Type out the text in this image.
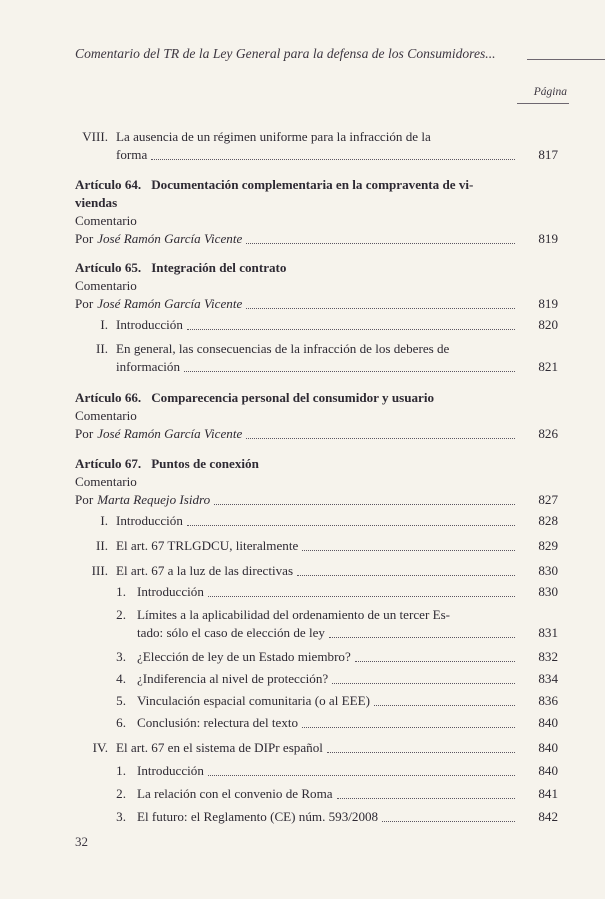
Comentario del TR de la Ley General para la defensa de los Consumidores...
Página
VIII. La ausencia de un régimen uniforme para la infracción de la
forma	817
Artículo 64. Documentación complementaria en la compraventa de vi-
viendas
Comentario
Por José Ramón García Vicente	819
Artículo 65. Integración del contrato
Comentario
Por José Ramón García Vicente	819
I. Introducción	820
II. En general, las consecuencias de la infracción de los deberes de
información	821
Artículo 66. Comparecencia personal del consumidor y usuario
Comentario
Por José Ramón García Vicente	826
Artículo 67. Puntos de conexión
Comentario
Por Marta Requejo Isidro	827
I. Introducción	828
II. El art. 67 TRLGDCU, literalmente	829
III. El art. 67 a la luz de las directivas	830
1. Introducción	830
2. Límites a la aplicabilidad del ordenamiento de un tercer Es-
tado: sólo el caso de elección de ley	831
3. ¿Elección de ley de un Estado miembro?	832
4. ¿Indiferencia al nivel de protección?	834
5. Vinculación espacial comunitaria (o al EEE)	836
6. Conclusión: relectura del texto	840
IV. El art. 67 en el sistema de DIPr español	840
1. Introducción	840
2. La relación con el convenio de Roma	841
3. El futuro: el Reglamento (CE) núm. 593/2008	842
32
